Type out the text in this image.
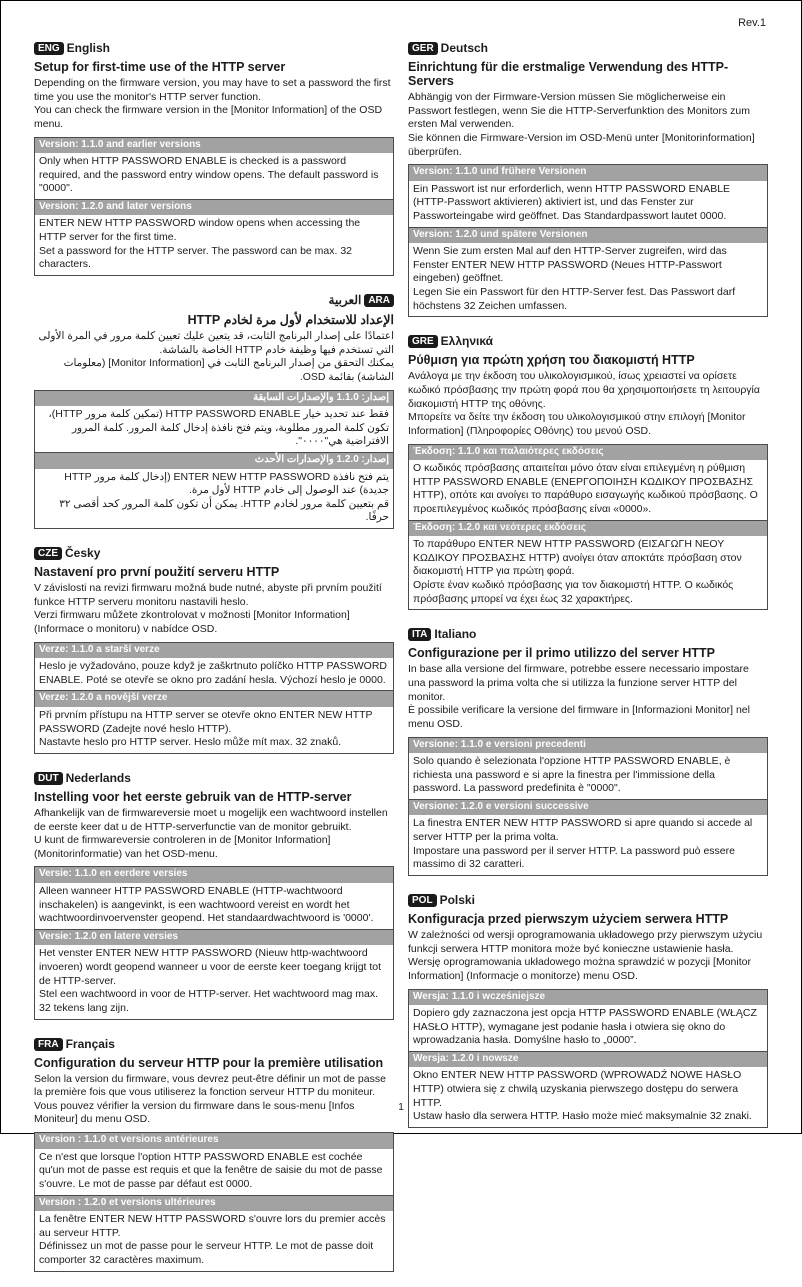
Rev.1
ENG English
Setup for first-time use of the HTTP server

Depending on the firmware version, you may have to set a password the first time you use the monitor's HTTP server function.

You can check the firmware version in the [Monitor Information] of the OSD menu.

Version: 1.1.0 and earlier versions

Only when HTTP PASSWORD ENABLE is checked is a password required, and the password entry window opens. The default password is "0000".

Version: 1.2.0 and later versions

ENTER NEW HTTP PASSWORD window opens when accessing the HTTP server for the first time.

Set a password for the HTTP server. The password can be max. 32 characters.

ARAالعربية
الإعداد للاستخدام لأول مرة لخادم HTTP

اعتمادًا على إصدار البرنامج الثابت، قد يتعين عليك تعيين كلمة مرور في المرة الأولى التي تستخدم فيها وظيفة خادم HTTP الخاصة بالشاشة.

يمكنك التحقق من إصدار البرنامج الثابت في [Monitor Information] (معلومات الشاشة) بقائمة OSD.

إصدار: 1.1.0 والإصدارات السابقة

فقط عند تحديد خيار HTTP PASSWORD ENABLE (تمكين كلمة مرور HTTP)، تكون كلمة المرور مطلوبة، ويتم فتح نافذة إدخال كلمة المرور. كلمة المرور الافتراضية هي"٠٠٠٠".

إصدار: 1.2.0 والإصدارات الأحدث

يتم فتح نافذة ENTER NEW HTTP PASSWORD (إدخال كلمة مرور HTTP جديدة) عند الوصول إلى خادم HTTP لأول مرة.

قم بتعيين كلمة مرور لخادم HTTP. يمكن أن تكون كلمة المرور كحد أقصى ٣٢ حرفًا.

CZE Česky
Nastavení pro první použití serveru HTTP

V závislosti na revizi firmwaru možná bude nutné, abyste při prvním použití funkce HTTP serveru monitoru nastavili heslo.

Verzi firmwaru můžete zkontrolovat v možnosti [Monitor Information] (Informace o monitoru) v nabídce OSD.

Verze: 1.1.0 a starší verze

Heslo je vyžadováno, pouze když je zaškrtnuto políčko HTTP PASSWORD ENABLE. Poté se otevře se okno pro zadání hesla. Výchozí heslo je 0000.

Verze: 1.2.0 a novější verze

Při prvním přístupu na HTTP server se otevře okno ENTER NEW HTTP PASSWORD (Zadejte nové heslo HTTP).

Nastavte heslo pro HTTP server. Heslo může mít max. 32 znaků.

DUT Nederlands
Instelling voor het eerste gebruik van de HTTP-server

Afhankelijk van de firmwareversie moet u mogelijk een wachtwoord instellen de eerste keer dat u de HTTP-serverfunctie van de monitor gebruikt.

U kunt de firmwareversie controleren in de [Monitor Information] (Monitorinformatie) van het OSD-menu.

Versie: 1.1.0 en eerdere versies

Alleen wanneer HTTP PASSWORD ENABLE (HTTP-wachtwoord inschakelen) is aangevinkt, is een wachtwoord vereist en wordt het wachtwoordinvoervenster geopend. Het standaardwachtwoord is '0000'.

Versie: 1.2.0 en latere versies

Het venster ENTER NEW HTTP PASSWORD (Nieuw http-wachtwoord invoeren) wordt geopend wanneer u voor de eerste keer toegang krijgt tot de HTTP-server.

Stel een wachtwoord in voor de HTTP-server. Het wachtwoord mag max. 32 tekens lang zijn.

FRA Français
Configuration du serveur HTTP pour la première utilisation

Selon la version du firmware, vous devrez peut-être définir un mot de passe la première fois que vous utiliserez la fonction serveur HTTP du moniteur.

Vous pouvez vérifier la version du firmware dans le sous-menu [Infos Moniteur] du menu OSD.

Version : 1.1.0 et versions antérieures

Ce n'est que lorsque l'option HTTP PASSWORD ENABLE est cochée qu'un mot de passe est requis et que la fenêtre de saisie du mot de passe s'ouvre. Le mot de passe par défaut est 0000.

Version : 1.2.0 et versions ultérieures

La fenêtre ENTER NEW HTTP PASSWORD s'ouvre lors du premier accès au serveur HTTP.

Définissez un mot de passe pour le serveur HTTP. Le mot de passe doit comporter 32 caractères maximum.

GER Deutsch
Einrichtung für die erstmalige Verwendung des HTTP-Servers

Abhängig von der Firmware-Version müssen Sie möglicherweise ein Passwort festlegen, wenn Sie die HTTP-Serverfunktion des Monitors zum ersten Mal verwenden.

Sie können die Firmware-Version im OSD-Menü unter [Monitorinformation] überprüfen.

Version: 1.1.0 und frühere Versionen

Ein Passwort ist nur erforderlich, wenn HTTP PASSWORD ENABLE (HTTP-Passwort aktivieren) aktiviert ist, und das Fenster zur Passworteingabe wird geöffnet. Das Standardpasswort lautet 0000.

Version: 1.2.0 und spätere Versionen

Wenn Sie zum ersten Mal auf den HTTP-Server zugreifen, wird das Fenster ENTER NEW HTTP PASSWORD (Neues HTTP-Passwort eingeben) geöffnet.

Legen Sie ein Passwort für den HTTP-Server fest. Das Passwort darf höchstens 32 Zeichen umfassen.

GRE Ελληνικά
Ρύθμιση για πρώτη χρήση του διακομιστή HTTP

Ανάλογα με την έκδοση του υλικολογισμικού, ίσως χρειαστεί να ορίσετε κωδικό πρόσβασης την πρώτη φορά που θα χρησιμοποιήσετε τη λειτουργία διακομιστή HTTP της οθόνης.

Μπορείτε να δείτε την έκδοση του υλικολογισμικού στην επιλογή [Monitor Information] (Πληροφορίες Οθόνης) του μενού OSD.

Έκδοση: 1.1.0 και παλαιότερες εκδόσεις

Ο κωδικός πρόσβασης απαιτείται μόνο όταν είναι επιλεγμένη η ρύθμιση HTTP PASSWORD ENABLE (ΕΝΕΡΓΟΠΟΙΗΣΗ ΚΩΔΙΚΟΥ ΠΡΟΣΒΑΣΗΣ HTTP), οπότε και ανοίγει το παράθυρο εισαγωγής κωδικού πρόσβασης. Ο προεπιλεγμένος κωδικός πρόσβασης είναι «0000».

Έκδοση: 1.2.0 και νεότερες εκδόσεις

Το παράθυρο ENTER NEW HTTP PASSWORD (ΕΙΣΑΓΩΓΗ ΝΕΟΥ ΚΩΔΙΚΟΥ ΠΡΟΣΒΑΣΗΣ HTTP) ανοίγει όταν αποκτάτε πρόσβαση στον διακομιστή HTTP για πρώτη φορά.

Ορίστε έναν κωδικό πρόσβασης για τον διακομιστή HTTP. Ο κωδικός πρόσβασης μπορεί να έχει έως 32 χαρακτήρες.

ITA Italiano
Configurazione per il primo utilizzo del server HTTP

In base alla versione del firmware, potrebbe essere necessario impostare una password la prima volta che si utilizza la funzione server HTTP del monitor.

È possibile verificare la versione del firmware in [Informazioni Monitor] nel menu OSD.

Versione: 1.1.0 e versioni precedenti

Solo quando è selezionata l'opzione HTTP PASSWORD ENABLE, è richiesta una password e si apre la finestra per l'immissione della password. La password predefinita è "0000".

Versione: 1.2.0 e versioni successive

La finestra ENTER NEW HTTP PASSWORD si apre quando si accede al server HTTP per la prima volta.

Impostare una password per il server HTTP. La password può essere massimo di 32 caratteri.

POL Polski
Konfiguracja przed pierwszym użyciem serwera HTTP

W zależności od wersji oprogramowania układowego przy pierwszym użyciu funkcji serwera HTTP monitora może być konieczne ustawienie hasła.

Wersję oprogramowania układowego można sprawdzić w pozycji [Monitor Information] (Informacje o monitorze) menu OSD.

Wersja: 1.1.0 i wcześniejsze

Dopiero gdy zaznaczona jest opcja HTTP PASSWORD ENABLE (WŁĄCZ HASŁO HTTP), wymagane jest podanie hasła i otwiera się okno do wprowadzania hasła. Domyślne hasło to „0000”.

Wersja: 1.2.0 i nowsze

Okno ENTER NEW HTTP PASSWORD (WPROWADŹ NOWE HASŁO HTTP) otwiera się z chwilą uzyskania pierwszego dostępu do serwera HTTP.

Ustaw hasło dla serwera HTTP. Hasło może mieć maksymalnie 32 znaki.

1
